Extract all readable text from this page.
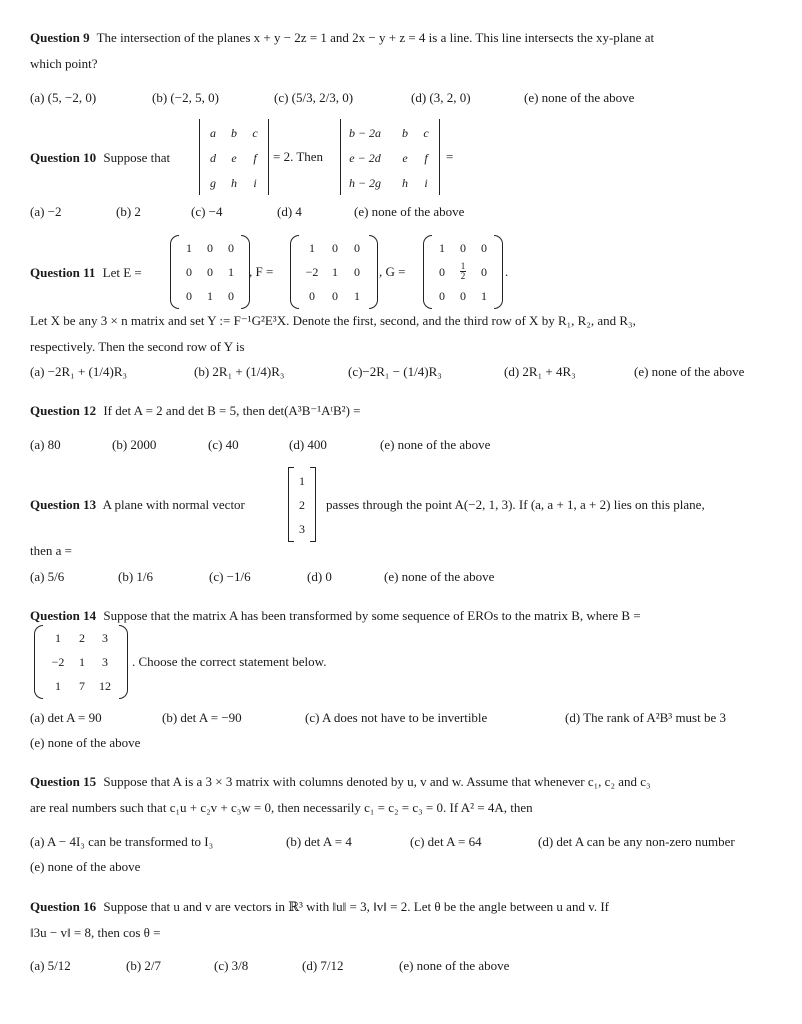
Question 9 The intersection of the planes x + y − 2z = 1 and 2x − y + z = 4 is a line. This line intersects the xy-plane at
which point?
(a) (5, −2, 0)	(b) (−2, 5, 0)	(c) (5/3, 2/3, 0)	(d) (3, 2, 0)	(e) none of the above
Question 10 Suppose that
a	b	c
d	e	f
g	h	i
= 2. Then
b − 2a	b	c
e − 2d	e	f
h − 2g	h	i
=
(a) −2	(b) 2	(c) −4	(d) 4	(e) none of the above
Question 11 Let E =
1	0	0
0	0	1
0	1	0
, F =
1	0	0
−2	1	0
0	0	1
, G =
1	0	0
0	$\frac{1}{2}$	0
0	0	1
.
Let X be any 3 × n matrix and set Y := F⁻¹G²E³X. Denote the first, second, and the third row of X by R₁, R₂, and R₃,
respectively. Then the second row of Y is
(a) −2R₁ + (1/4)R₃	(b) 2R₁ + (1/4)R₃	(c)−2R₁ − (1/4)R₃	(d) 2R₁ + 4R₃	(e) none of the above
Question 12 If det A = 2 and det B = 5, then det(A³B⁻¹AᵗB²) =
(a) 80	(b) 2000	(c) 40	(d) 400	(e) none of the above
Question 13 A plane with normal vector
1
2
3
passes through the point A(−2, 1, 3). If (a, a + 1, a + 2) lies on this plane,
then a =
(a) 5/6	(b) 1/6	(c) −1/6	(d) 0	(e) none of the above
Question 14 Suppose that the matrix A has been transformed by some sequence of EROs to the matrix B, where B =
1	2	3
−2	1	3
1	7	12
. Choose the correct statement below.
(a) det A = 90	(b) det A = −90	(c) A does not have to be invertible	(d) The rank of A²B³ must be 3
(e) none of the above
Question 15 Suppose that A is a 3 × 3 matrix with columns denoted by u, v and w. Assume that whenever c₁, c₂ and c₃
are real numbers such that c₁u + c₂v + c₃w = 0, then necessarily c₁ = c₂ = c₃ = 0. If A² = 4A, then
(a) A − 4I₃ can be transformed to I₃	(b) det A = 4	(c) det A = 64	(d) det A can be any non-zero number
(e) none of the above
Question 16 Suppose that u and v are vectors in ℝ³ with ‖u‖ = 3, ‖v‖ = 2. Let θ be the angle between u and v. If
‖3u − v‖ = 8, then cos θ =
(a) 5/12	(b) 2/7	(c) 3/8	(d) 7/12	(e) none of the above
